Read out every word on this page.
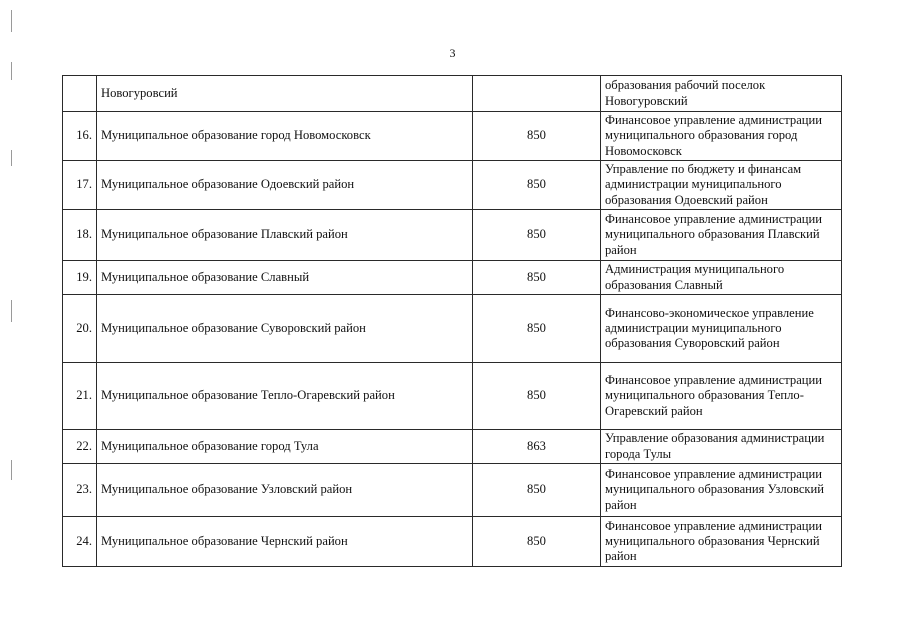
3
	Новогуровсий		образования рабочий поселок Новогуровский
16.	Муниципальное образование город Новомосковск	850	Финансовое управление администрации муниципального образования город Новомосковск
17.	Муниципальное образование Одоевский район	850	Управление по бюджету и финансам администрации муниципального образования Одоевский район
18.	Муниципальное образование Плавский район	850	Финансовое управление администрации муниципального образования Плавский район
19.	Муниципальное образование Славный	850	Администрация муниципального образования Славный
20.	Муниципальное образование Суворовский район	850	Финансово-экономическое управление администрации муниципального образования Суворовский район
21.	Муниципальное образование Тепло-Огаревский район	850	Финансовое управление администрации муниципального образования Тепло-Огаревский район
22.	Муниципальное образование город Тула	863	Управление образования администрации города Тулы
23.	Муниципальное образование Узловский район	850	Финансовое управление администрации муниципального образования Узловский район
24.	Муниципальное образование Чернский район	850	Финансовое управление администрации муниципального образования Чернский район
